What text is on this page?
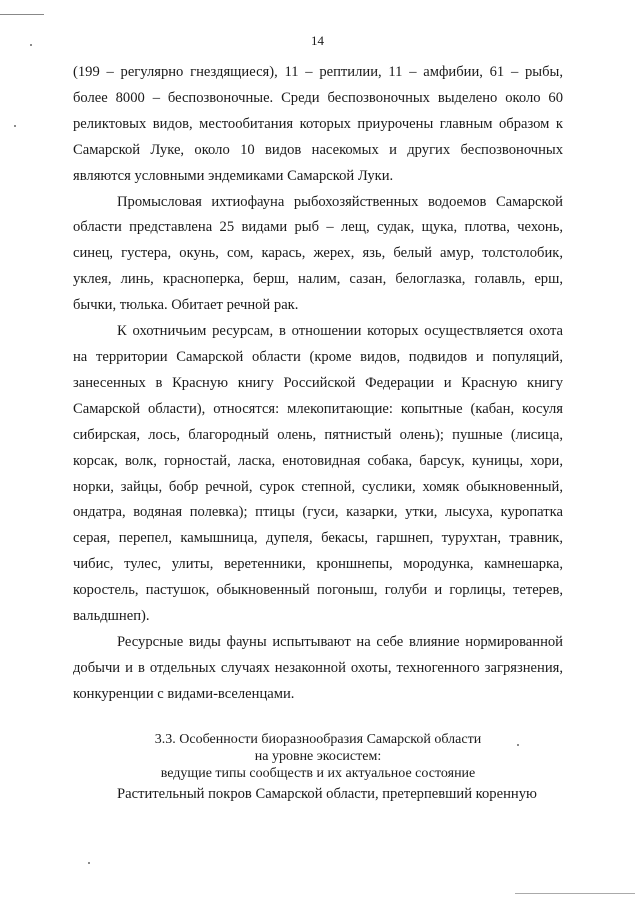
14

(199 – регулярно гнездящиеся), 11 – рептилии, 11 – амфибии, 61 – рыбы, более 8000 – беспозвоночные. Среди беспозвоночных выделено около 60 реликтовых видов, местообитания которых приурочены главным образом к Самарской Луке, около 10 видов насекомых и других беспозвоночных являются условными эндемиками Самарской Луки.

Промысловая ихтиофауна рыбохозяйственных водоемов Самарской области представлена 25 видами рыб – лещ, судак, щука, плотва, чехонь, синец, густера, окунь, сом, карась, жерех, язь, белый амур, толстолобик, уклея, линь, красноперка, берш, налим, сазан, белоглазка, голавль, ерш, бычки, тюлька. Обитает речной рак.

К охотничьим ресурсам, в отношении которых осуществляется охота на территории Самарской области (кроме видов, подвидов и популяций, занесенных в Красную книгу Российской Федерации и Красную книгу Самарской области), относятся: млекопитающие: копытные (кабан, косуля сибирская, лось, благородный олень, пятнистый олень); пушные (лисица, корсак, волк, горностай, ласка, енотовидная собака, барсук, куницы, хори, норки, зайцы, бобр речной, сурок степной, суслики, хомяк обыкновенный, ондатра, водяная полевка); птицы (гуси, казарки, утки, лысуха, куропатка серая, перепел, камышница, дупеля, бекасы, гаршнеп, турухтан, травник, чибис, тулес, улиты, веретенники, кроншнепы, мородунка, камнешарка, коростель, пастушок, обыкновенный погоныш, голуби и горлицы, тетерев, вальдшнеп).

Ресурсные виды фауны испытывают на себе влияние нормированной добычи и в отдельных случаях незаконной охоты, техногенного загрязнения, конкуренции с видами-вселенцами.

3.3. Особенности биоразнообразия Самарской области
на уровне экосистем:
ведущие типы сообществ и их актуальное состояние

Растительный покров Самарской области, претерпевший коренную
